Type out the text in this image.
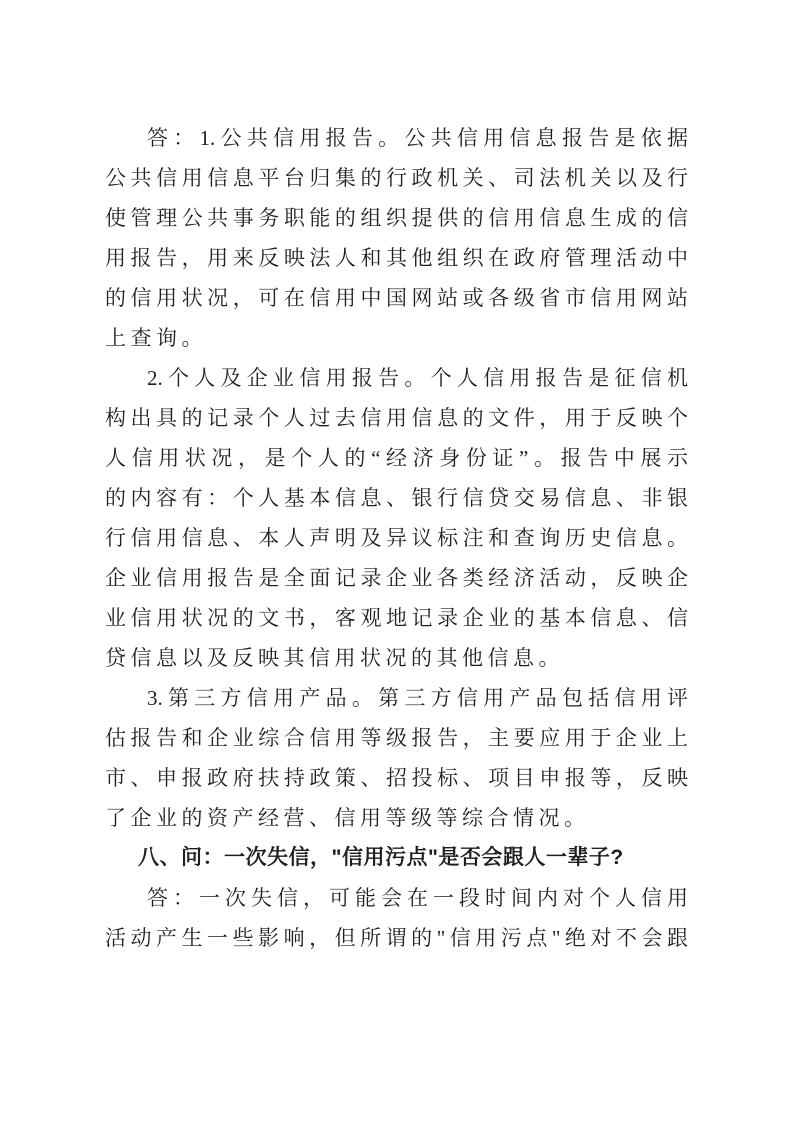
答：1.公共信用报告。公共信用信息报告是依据
公共信用信息平台归集的行政机关、司法机关以及行
使管理公共事务职能的组织提供的信用信息生成的信
用报告，用来反映法人和其他组织在政府管理活动中
的信用状况，可在信用中国网站或各级省市信用网站
上查询。
2.个人及企业信用报告。个人信用报告是征信机
构出具的记录个人过去信用信息的文件，用于反映个
人信用状况，是个人的“经济身份证”。报告中展示
的内容有：个人基本信息、银行信贷交易信息、非银
行信用信息、本人声明及异议标注和查询历史信息。
企业信用报告是全面记录企业各类经济活动，反映企
业信用状况的文书，客观地记录企业的基本信息、信
贷信息以及反映其信用状况的其他信息。
3.第三方信用产品。第三方信用产品包括信用评
估报告和企业综合信用等级报告，主要应用于企业上
市、申报政府扶持政策、招投标、项目申报等，反映
了企业的资产经营、信用等级等综合情况。
八、问：一次失信，"信用污点"是否会跟人一辈子?
答：一次失信，可能会在一段时间内对个人信用
活动产生一些影响，但所谓的"信用污点"绝对不会跟
